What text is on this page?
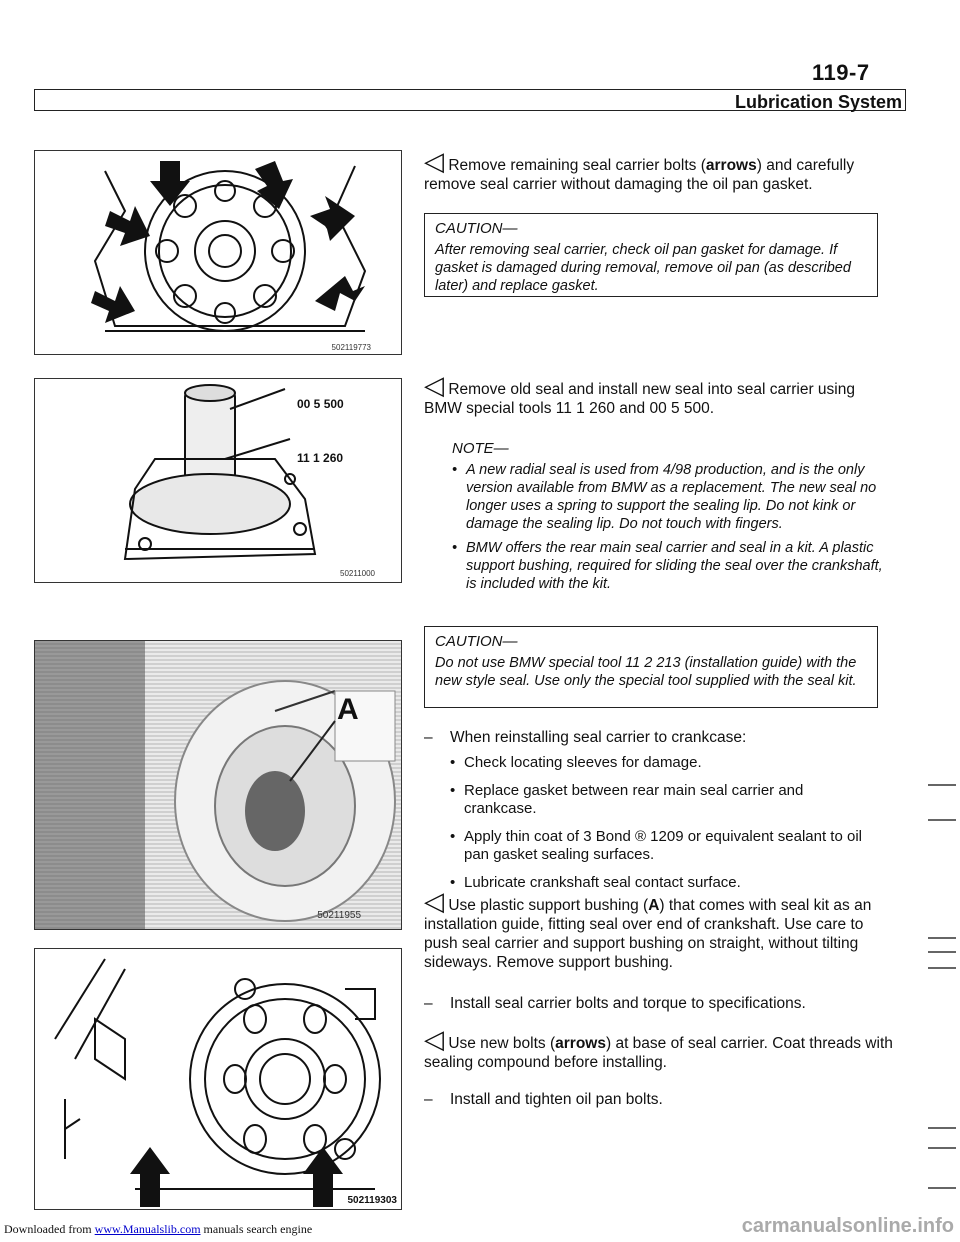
119-7
Lubrication System
502119773
◁ Remove remaining seal carrier bolts (arrows) and carefully remove seal carrier without damaging the oil pan gasket.
CAUTION—
After removing seal carrier, check oil pan gasket for damage. If gasket is damaged during removal, remove oil pan (as described later) and replace gasket.
00 5 500
11 1 260
50211000
◁ Remove old seal and install new seal into seal carrier using BMW special tools 11 1 260 and 00 5 500.
NOTE—
• A new radial seal is used from 4/98 production, and is the only version available from BMW as a replacement. The new seal no longer uses a spring to support the sealing lip. Do not kink or damage the sealing lip. Do not touch with fingers.
• BMW offers the rear main seal carrier and seal in a kit. A plastic support bushing, required for sliding the seal over the crankshaft, is included with the kit.
CAUTION—
Do not use BMW special tool 11 2 213 (installation guide) with the new style seal. Use only the special tool supplied with the seal kit.
A
50211955
–	When reinstalling seal carrier to crankcase:
• Check locating sleeves for damage.
• Replace gasket between rear main seal carrier and crankcase.
• Apply thin coat of 3 Bond ® 1209 or equivalent sealant to oil pan gasket sealing surfaces.
• Lubricate crankshaft seal contact surface.
◁ Use plastic support bushing (A) that comes with seal kit as an installation guide, fitting seal over end of crankshaft. Use care to push seal carrier and support bushing on straight, without tilting sideways. Remove support bushing.
502119303
–	Install seal carrier bolts and torque to specifications.
◁ Use new bolts (arrows) at base of seal carrier. Coat threads with sealing compound before installing.
–	Install and tighten oil pan bolts.
Downloaded from www.Manualslib.com manuals search engine	carmanualsonline.info
